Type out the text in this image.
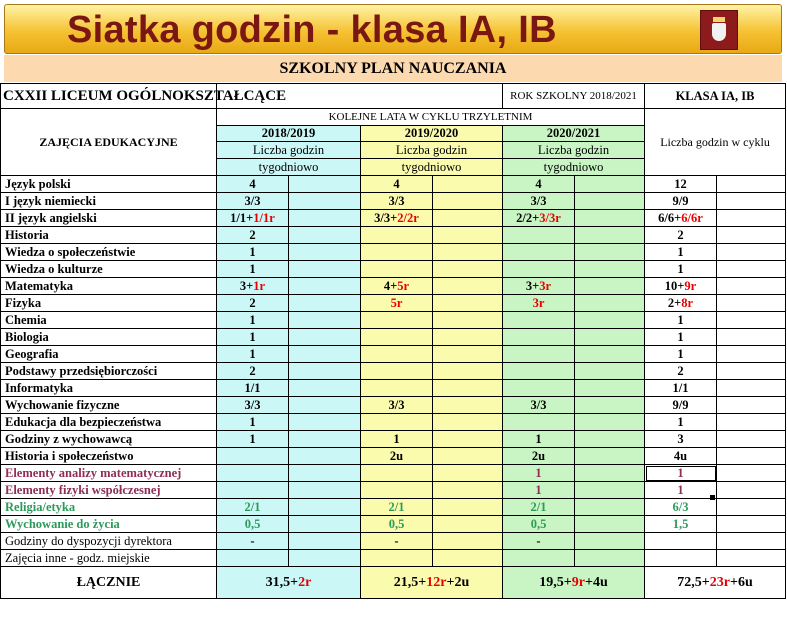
Siatka godzin - klasa IA, IB
SZKOLNY PLAN NAUCZANIA
CXXII LICEUM OGÓLNOKSZTAŁCĄCE					ROK SZKOLNY 2018/2021		KLASA IA, IB	
ZAJĘCIA EDUKACYJNE	KOLEJNE LATA W CYKLU TRZYLETNIM						Liczba godzin w cyklu	
	2018/2019		2019/2020		2020/2021			
	Liczba godzin		Liczba godzin		Liczba godzin			
	tygodniowo		tygodniowo		tygodniowo			
Język polski	4		4		4		12	
I język niemiecki	3/3		3/3		3/3		9/9	
II język angielski	1/1+1/1r		3/3+2/2r		2/2+3/3r		6/6+6/6r	
Historia	2						2	
Wiedza o społeczeństwie	1						1	
Wiedza o kulturze	1						1	
Matematyka	3+1r		4+5r		3+3r		10+9r	
Fizyka	2		5r		3r		2+8r	
Chemia	1						1	
Biologia	1						1	
Geografia	1						1	
Podstawy przedsiębiorczości	2						2	
Informatyka	1/1						1/1	
Wychowanie fizyczne	3/3		3/3		3/3		9/9	
Edukacja dla bezpieczeństwa	1						1	
Godziny z wychowawcą	1		1		1		3	
Historia i społeczeństwo			2u		2u		4u	
Elementy analizy matematycznej					1		1	
Elementy fizyki współczesnej					1		1	
Religia/etyka	2/1		2/1		2/1		6/3	
Wychowanie do życia	0,5		0,5		0,5		1,5	
Godziny do dyspozycji dyrektora	-		-		-			
Zajęcia inne - godz. miejskie								
ŁĄCZNIE	31,5+2r		21,5+12r+2u		19,5+9r+4u		72,5+23r+6u	
